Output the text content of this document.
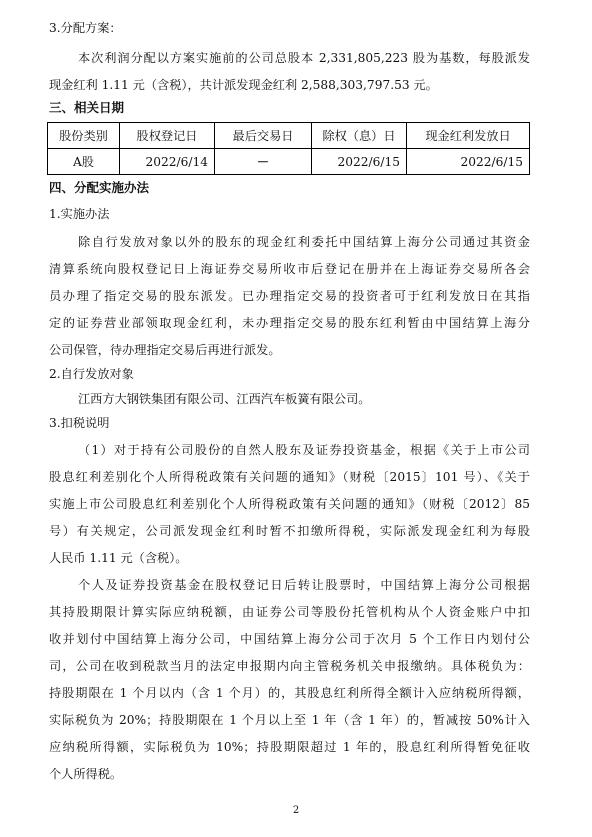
3.分配方案：
本次利润分配以方案实施前的公司总股本 2,331,805,223 股为基数，每股派发
现金红利 1.11 元（含税），共计派发现金红利 2,588,303,797.53 元。
三、相关日期
股份类别	股权登记日	最后交易日	除权（息）日	现金红利发放日
A股	2022/6/14	－	2022/6/15	2022/6/15
四、分配实施办法
1.实施办法
除自行发放对象以外的股东的现金红利委托中国结算上海分公司通过其资金
清算系统向股权登记日上海证券交易所收市后登记在册并在上海证券交易所各会
员办理了指定交易的股东派发。已办理指定交易的投资者可于红利发放日在其指
定的证券营业部领取现金红利，未办理指定交易的股东红利暂由中国结算上海分
公司保管，待办理指定交易后再进行派发。
2.自行发放对象
江西方大钢铁集团有限公司、江西汽车板簧有限公司。
3.扣税说明
（1）对于持有公司股份的自然人股东及证券投资基金，根据《关于上市公司
股息红利差别化个人所得税政策有关问题的通知》（财税〔2015〕101 号）、《关于
实施上市公司股息红利差别化个人所得税政策有关问题的通知》（财税〔2012〕85
号）有关规定，公司派发现金红利时暂不扣缴所得税，实际派发现金红利为每股
人民币 1.11 元（含税）。
个人及证券投资基金在股权登记日后转让股票时，中国结算上海分公司根据
其持股期限计算实际应纳税额，由证券公司等股份托管机构从个人资金账户中扣
收并划付中国结算上海分公司，中国结算上海分公司于次月 5 个工作日内划付公
司，公司在收到税款当月的法定申报期内向主管税务机关申报缴纳。具体税负为：
持股期限在 1 个月以内（含 1 个月）的，其股息红利所得全额计入应纳税所得额，
实际税负为 20%；持股期限在 1 个月以上至 1 年（含 1 年）的，暂减按 50%计入
应纳税所得额，实际税负为 10%；持股期限超过 1 年的，股息红利所得暂免征收
个人所得税。
2
